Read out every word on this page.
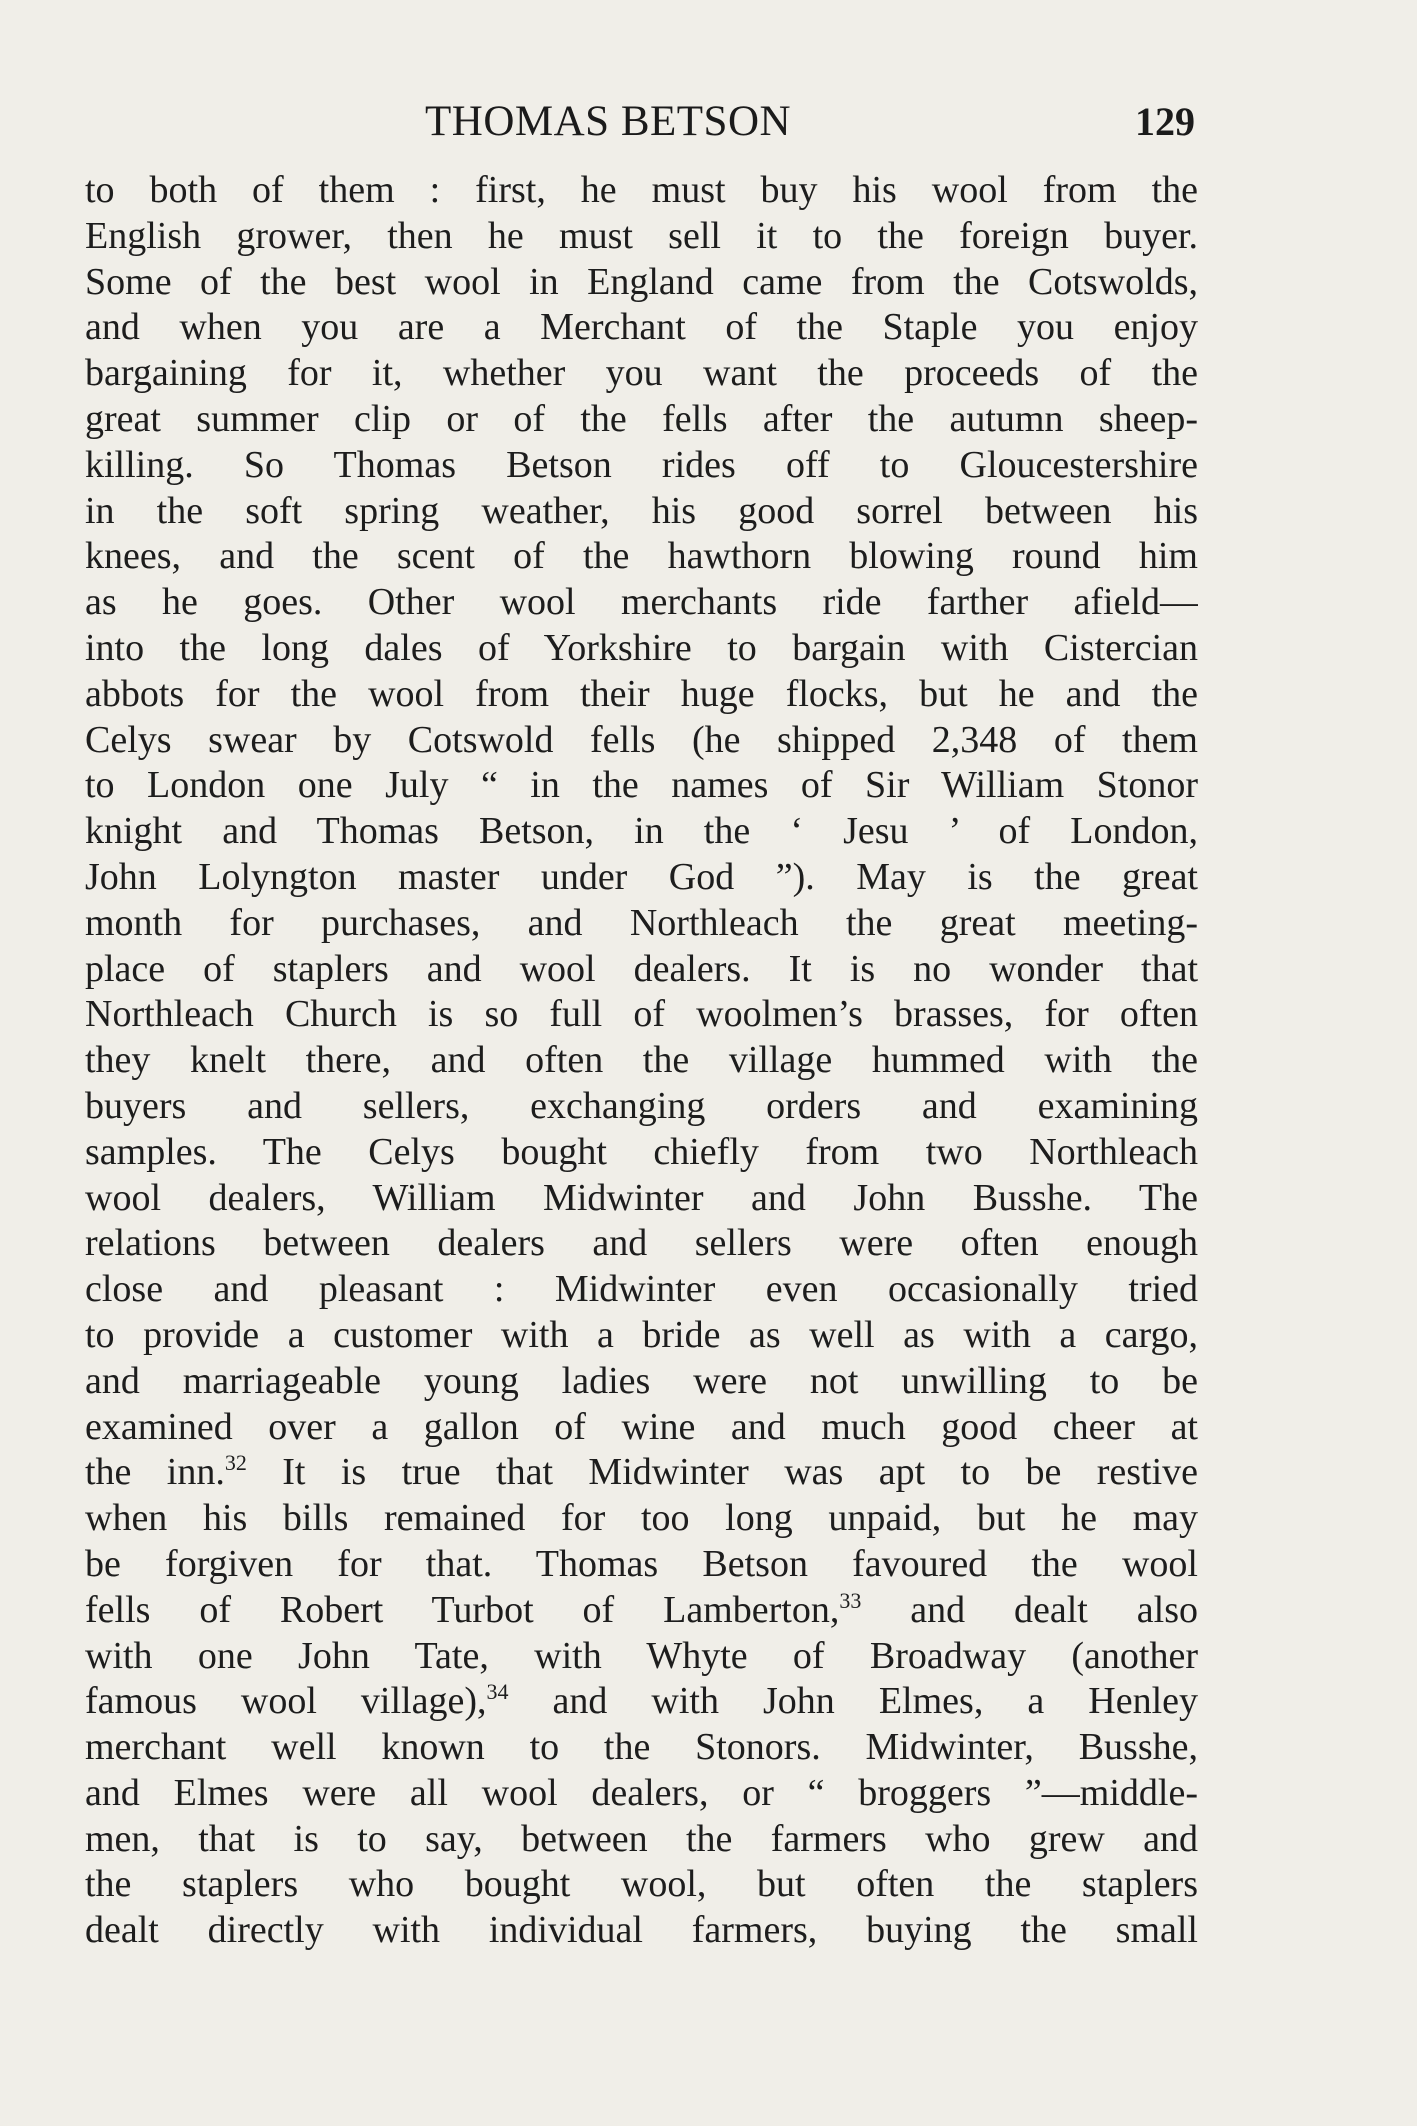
THOMAS BETSON	129
to both of them : first, he must buy his wool from the
English grower, then he must sell it to the foreign buyer.
Some of the best wool in England came from the Cotswolds,
and when you are a Merchant of the Staple you enjoy
bargaining for it, whether you want the proceeds of the
great summer clip or of the fells after the autumn sheep-
killing. So Thomas Betson rides off to Gloucestershire
in the soft spring weather, his good sorrel between his
knees, and the scent of the hawthorn blowing round him
as he goes. Other wool merchants ride farther afield—
into the long dales of Yorkshire to bargain with Cistercian
abbots for the wool from their huge flocks, but he and the
Celys swear by Cotswold fells (he shipped 2,348 of them
to London one July “ in the names of Sir William Stonor
knight and Thomas Betson, in the ‘ Jesu ’ of London,
John Lolyngton master under God ”). May is the great
month for purchases, and Northleach the great meeting-
place of staplers and wool dealers. It is no wonder that
Northleach Church is so full of woolmen’s brasses, for often
they knelt there, and often the village hummed with the
buyers and sellers, exchanging orders and examining
samples. The Celys bought chiefly from two Northleach
wool dealers, William Midwinter and John Busshe. The
relations between dealers and sellers were often enough
close and pleasant : Midwinter even occasionally tried
to provide a customer with a bride as well as with a cargo,
and marriageable young ladies were not unwilling to be
examined over a gallon of wine and much good cheer at
the inn.$^{32}$ It is true that Midwinter was apt to be restive
when his bills remained for too long unpaid, but he may
be forgiven for that. Thomas Betson favoured the wool
fells of Robert Turbot of Lamberton,$^{33}$ and dealt also
with one John Tate, with Whyte of Broadway (another
famous wool village),$^{34}$ and with John Elmes, a Henley
merchant well known to the Stonors. Midwinter, Busshe,
and Elmes were all wool dealers, or “ broggers ”—middle-
men, that is to say, between the farmers who grew and
the staplers who bought wool, but often the staplers
dealt directly with individual farmers, buying the small
